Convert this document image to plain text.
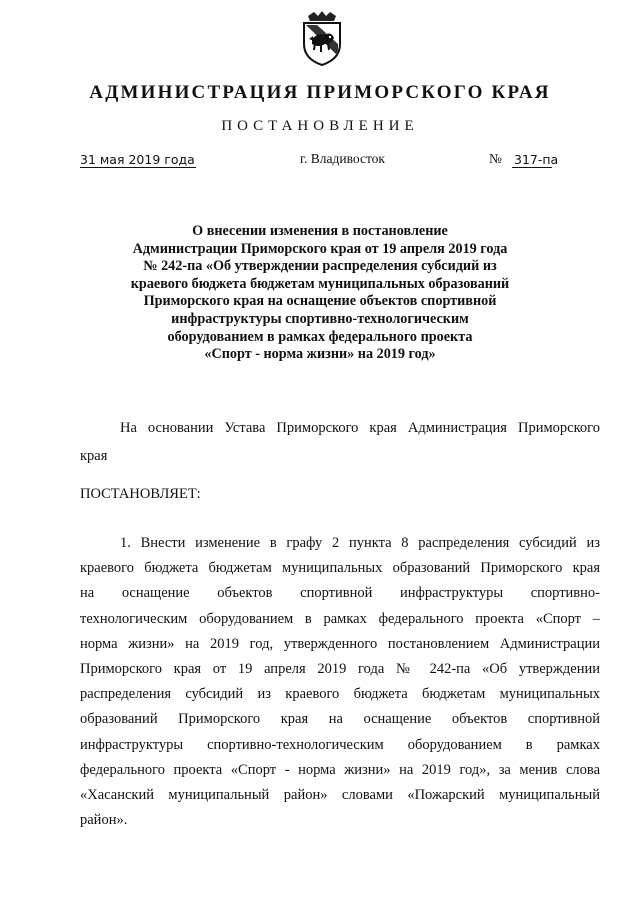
АДМИНИСТРАЦИЯ ПРИМОРСКОГО КРАЯ
ПОСТАНОВЛЕНИЕ
31 мая 2019 года	г. Владивосток	№ 317-па
О внесении изменения в постановление
Администрации Приморского края от 19 апреля 2019 года
№ 242-па «Об утверждении распределения субсидий из
краевого бюджета бюджетам муниципальных образований
Приморского края на оснащение объектов спортивной
инфраструктуры спортивно-технологическим
оборудованием в рамках федерального проекта
«Спорт - норма жизни» на 2019 год»
На основании Устава Приморского края Администрация Приморского
края
ПОСТАНОВЛЯЕТ:
1. Внести изменение в графу 2 пункта 8 распределения субсидий из
краевого бюджета бюджетам муниципальных образований Приморского края
на оснащение объектов спортивной инфраструктуры спортивно-
технологическим оборудованием в рамках федерального проекта «Спорт –
норма жизни» на 2019 год, утвержденного постановлением Администрации
Приморского края от 19 апреля 2019 года № 242-па «Об утверждении
распределения субсидий из краевого бюджета бюджетам муниципальных
образований Приморского края на оснащение объектов спортивной
инфраструктуры спортивно-технологическим оборудованием в рамках
федерального проекта «Спорт - норма жизни» на 2019 год», за менив слова
«Хасанский муниципальный район» словами «Пожарский муниципальный
район».
